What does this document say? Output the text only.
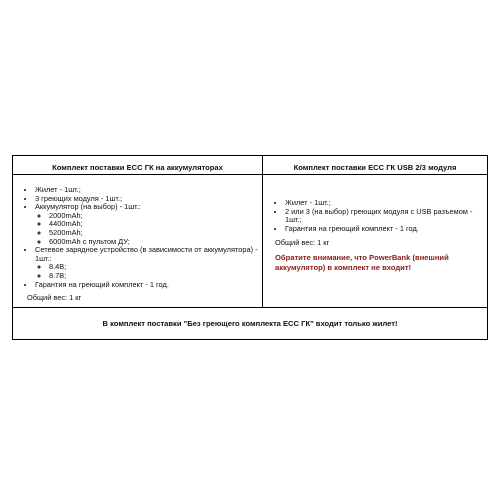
Комплект поставки ECC ГК на аккумуляторах
• Жилет - 1шт.;
• 3 греющих модуля - 1шт.;
• Аккумулятор (на выбор) - 1шт.:
◦ 2000mAh;
◦ 4400mAh;
◦ 5200mAh;
◦ 6000mAh с пультом ДУ;
• Сетевое зарядное устройство (в зависимости от аккумулятора) - 1шт.:
◦ 8.4В;
◦ 8.7В;
• Гарантия на греющий комплект - 1 год.
Общий вес: 1 кг
Комплект поставки ECC ГК USB 2/3 модуля
• Жилет - 1шт.;
• 2 или 3 (на выбор) греющих модуля с USB разъемом - 1шт.;
• Гарантия на греющий комплект - 1 год.
Общий вес: 1 кг
Обратите внимание, что PowerBank (внешний аккумулятор) в комплект не входит!
В комплект поставки "Без греющего комплекта ECC ГК" входит только жилет!
